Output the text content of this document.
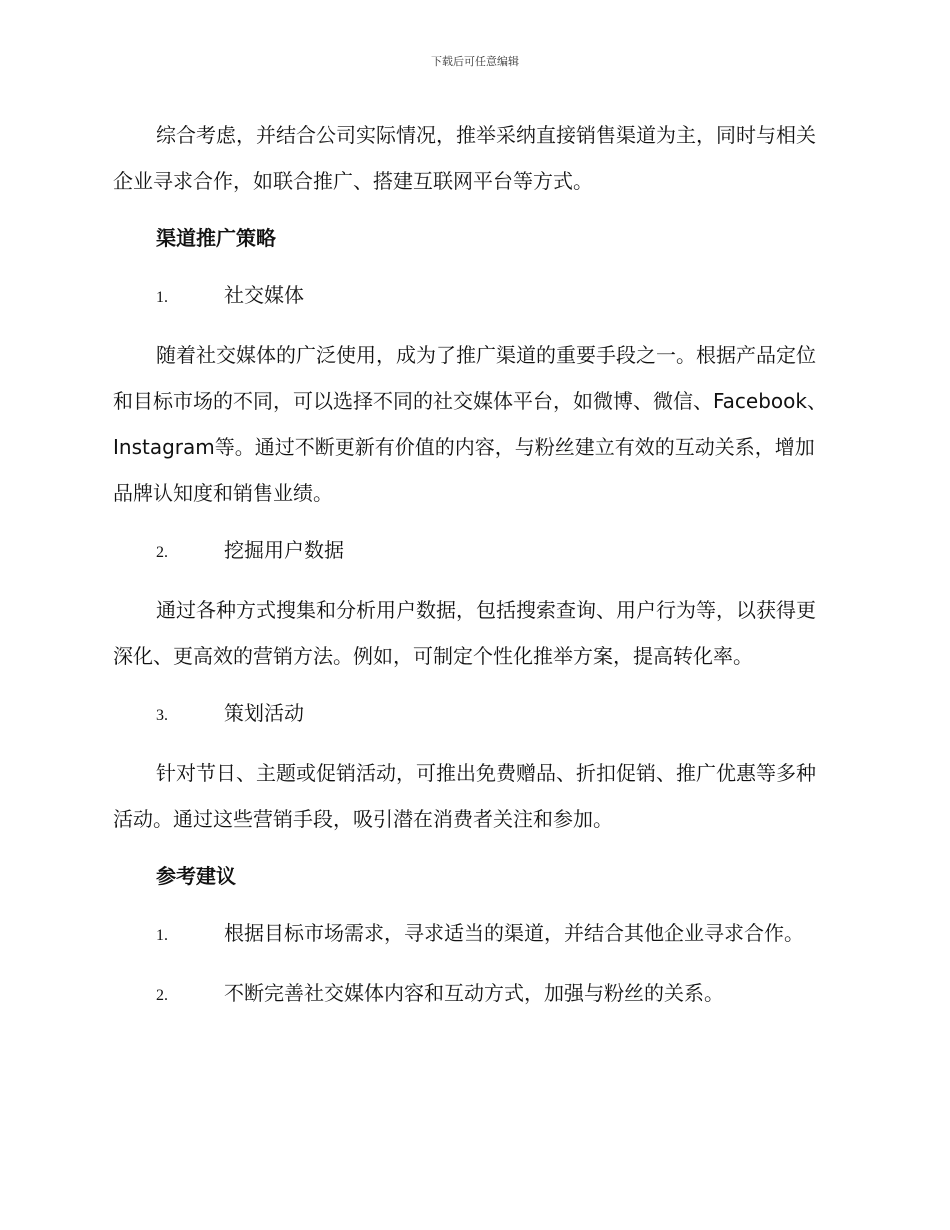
下载后可任意编辑

综合考虑，并结合公司实际情况，推举采纳直接销售渠道为主，同时与相关企业寻求合作，如联合推广、搭建互联网平台等方式。

渠道推广策略
1.	社交媒体

随着社交媒体的广泛使用，成为了推广渠道的重要手段之一。根据产品定位和目标市场的不同，可以选择不同的社交媒体平台，如微博、微信、Facebook、Instagram等。通过不断更新有价值的内容，与粉丝建立有效的互动关系，增加品牌认知度和销售业绩。

2.	挖掘用户数据

通过各种方式搜集和分析用户数据，包括搜索查询、用户行为等，以获得更深化、更高效的营销方法。例如，可制定个性化推举方案，提高转化率。

3.	策划活动

针对节日、主题或促销活动，可推出免费赠品、折扣促销、推广优惠等多种活动。通过这些营销手段，吸引潜在消费者关注和参加。

参考建议
1.	根据目标市场需求，寻求适当的渠道，并结合其他企业寻求合作。
2.	不断完善社交媒体内容和互动方式，加强与粉丝的关系。
